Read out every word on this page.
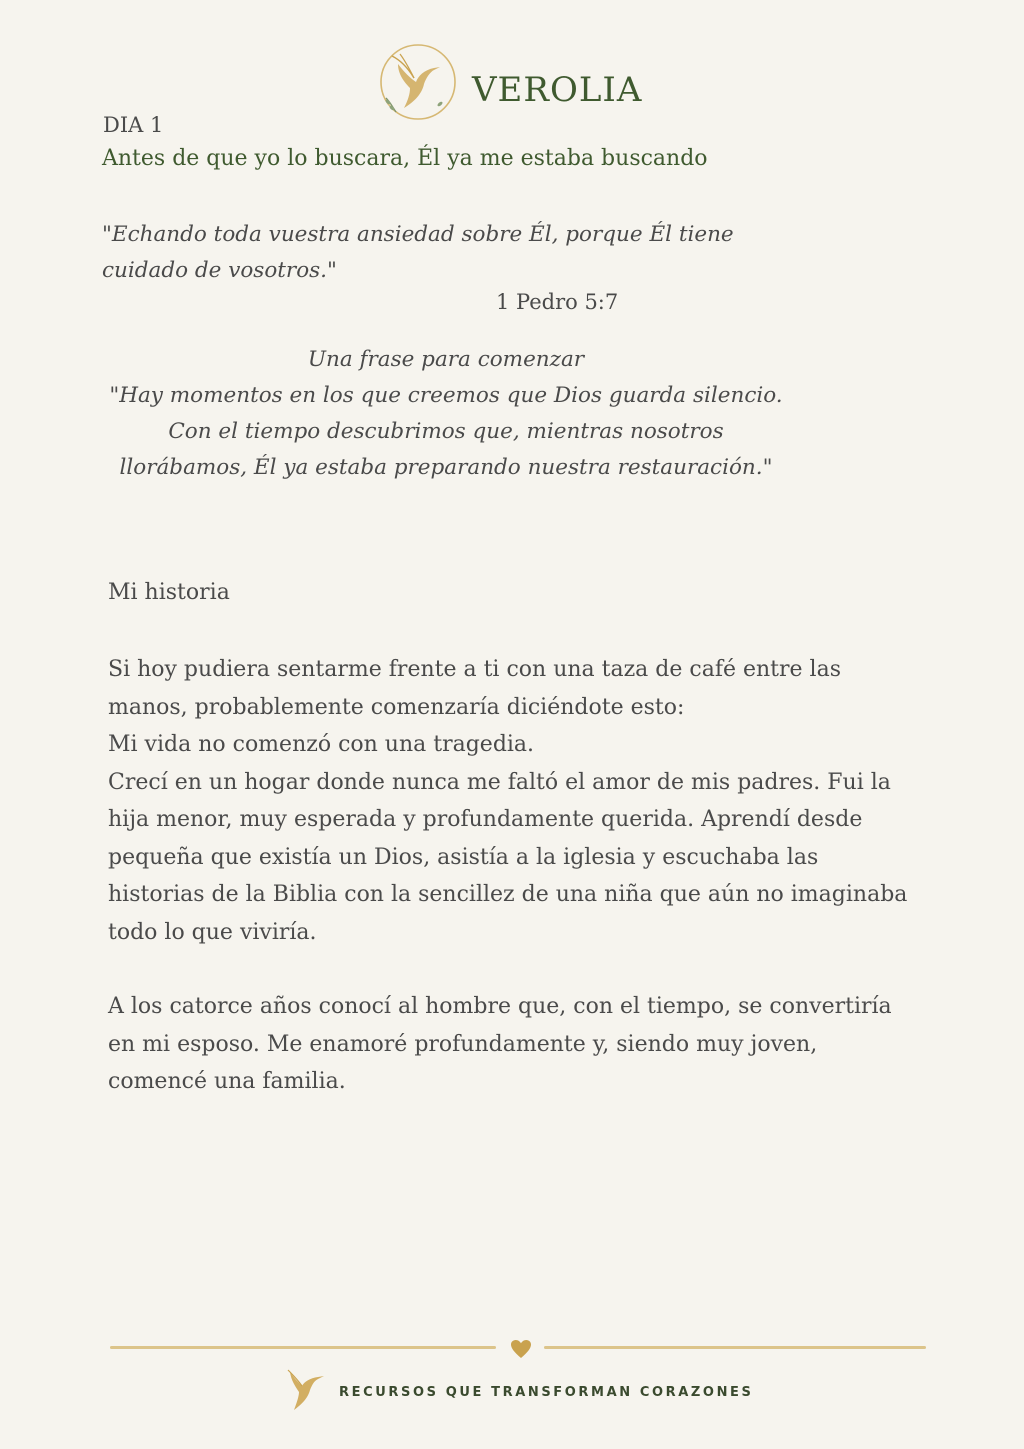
VEROLIA
DIA 1
Antes de que yo lo buscara, Él ya me estaba buscando
"Echando toda vuestra ansiedad sobre Él, porque Él tiene
cuidado de vosotros."
1 Pedro 5:7
Una frase para comenzar
"Hay momentos en los que creemos que Dios guarda silencio.
Con el tiempo descubrimos que, mientras nosotros
llorábamos, Él ya estaba preparando nuestra restauración."
Mi historia
Si hoy pudiera sentarme frente a ti con una taza de café entre las
manos, probablemente comenzaría diciéndote esto:
Mi vida no comenzó con una tragedia.
Crecí en un hogar donde nunca me faltó el amor de mis padres. Fui la
hija menor, muy esperada y profundamente querida. Aprendí desde
pequeña que existía un Dios, asistía a la iglesia y escuchaba las
historias de la Biblia con la sencillez de una niña que aún no imaginaba
todo lo que viviría.
A los catorce años conocí al hombre que, con el tiempo, se convertiría
en mi esposo. Me enamoré profundamente y, siendo muy joven,
comencé una familia.
RECURSOS QUE TRANSFORMAN CORAZONES
